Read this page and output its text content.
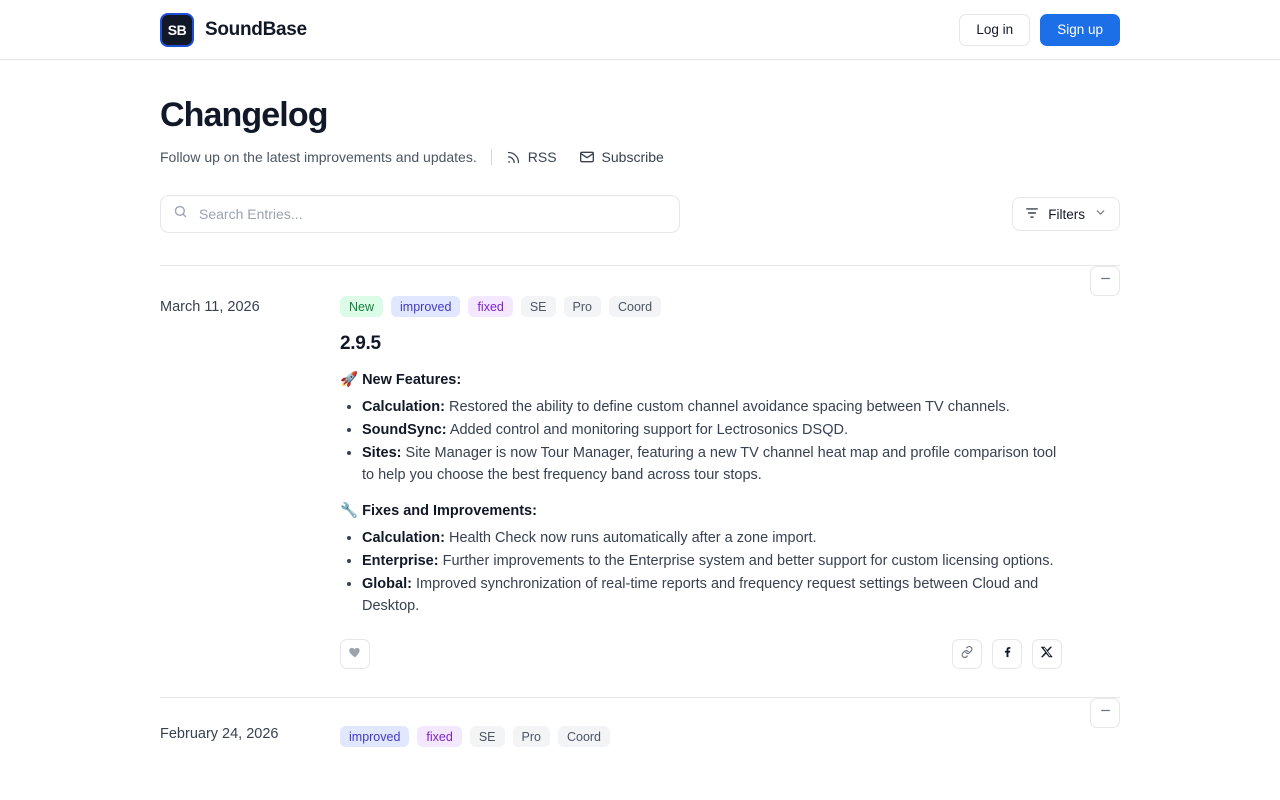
SB SoundBase	Log in	Sign up
Changelog
Follow up on the latest improvements and updates.	RSS	Subscribe
Search Entries...
Filters
March 11, 2026	New	improved	fixed	SE	Pro	Coord
2.9.5
🚀 New Features:
• Calculation: Restored the ability to define custom channel avoidance spacing between TV channels.
• SoundSync: Added control and monitoring support for Lectrosonics DSQD.
• Sites: Site Manager is now Tour Manager, featuring a new TV channel heat map and profile comparison tool to help you choose the best frequency band across tour stops.
🔧 Fixes and Improvements:
• Calculation: Health Check now runs automatically after a zone import.
• Enterprise: Further improvements to the Enterprise system and better support for custom licensing options.
• Global: Improved synchronization of real-time reports and frequency request settings between Cloud and Desktop.
February 24, 2026	improved	fixed	SE	Pro	Coord
